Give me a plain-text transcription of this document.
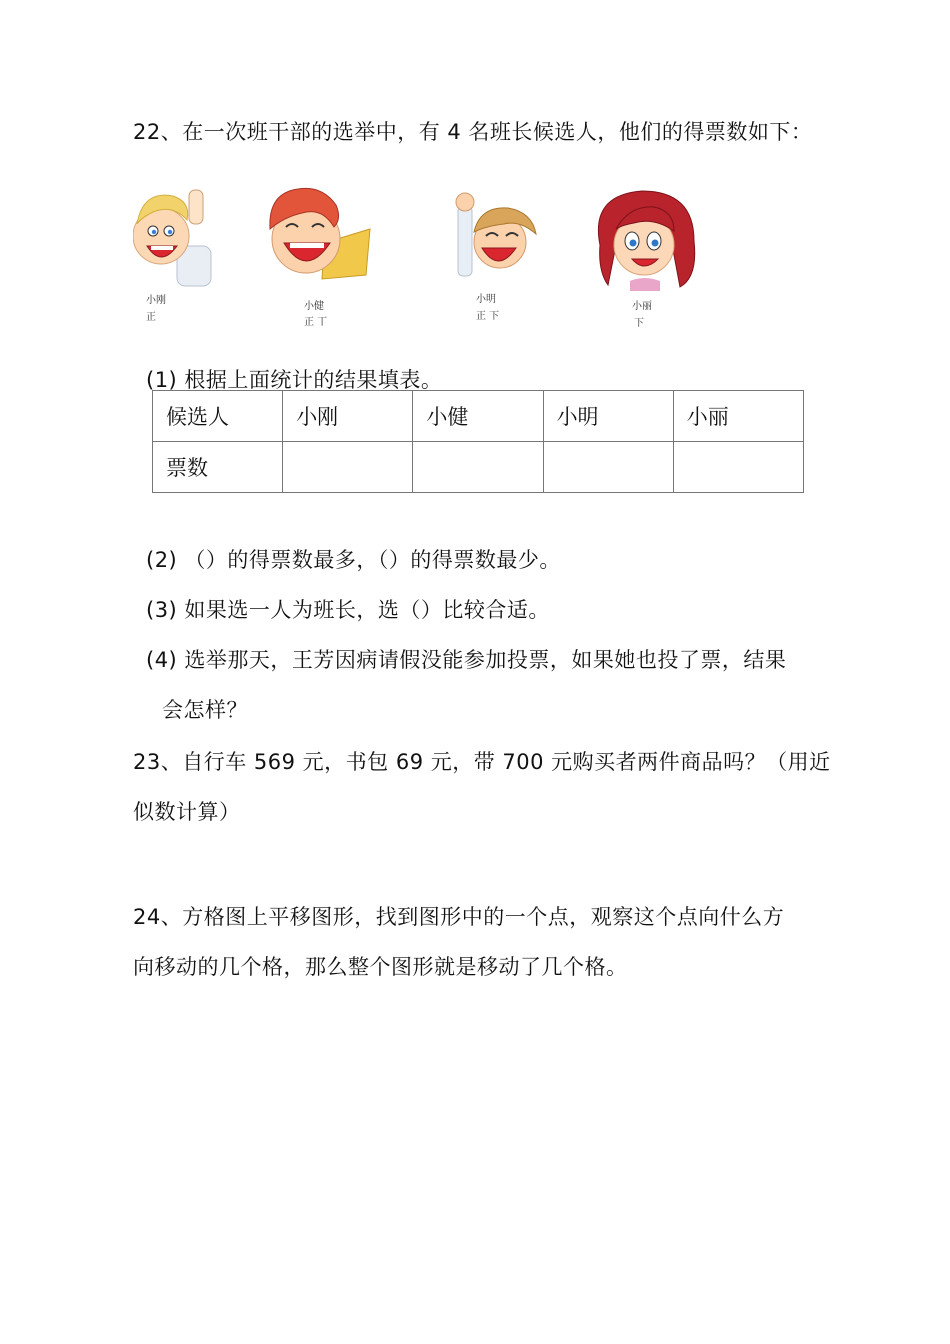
22、在一次班干部的选举中，有 4 名班长候选人，他们的得票数如下：
小刚
正
小健
正 丅
小明
正 下
小丽
下
(1) 根据上面统计的结果填表。
候选人	小刚	小健	小明	小丽
票数				
(2) （）的得票数最多，（）的得票数最少。
(3) 如果选一人为班长，选（）比较合适。
(4) 选举那天，王芳因病请假没能参加投票，如果她也投了票，结果
会怎样？
23、自行车 569 元，书包 69 元，带 700 元购买者两件商品吗？（用近
似数计算）
24、方格图上平移图形，找到图形中的一个点，观察这个点向什么方
向移动的几个格，那么整个图形就是移动了几个格。
